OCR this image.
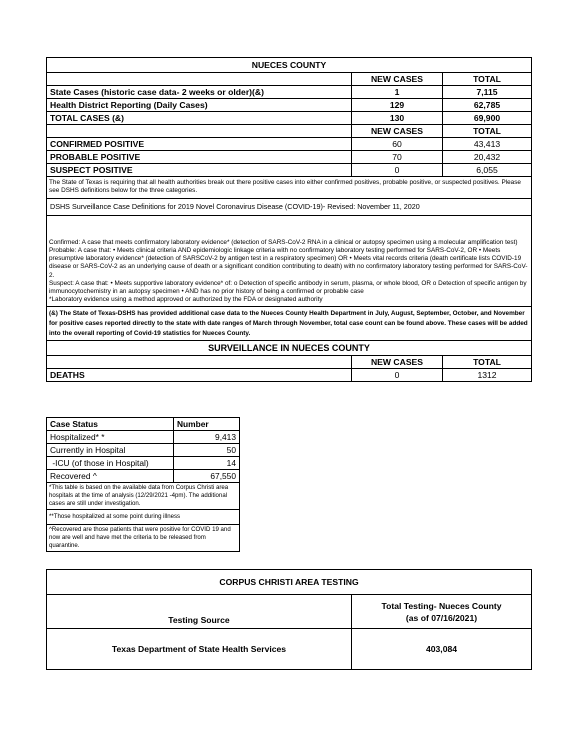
NUECES COUNTY		
	NEW CASES	TOTAL
State Cases (historic case data- 2 weeks or older)(&)	1	7,115
Health District Reporting (Daily Cases)	129	62,785
TOTAL CASES (&)	130	69,900
	NEW CASES	TOTAL
CONFIRMED POSITIVE	60	43,413
PROBABLE POSITIVE	70	20,432
SUSPECT POSITIVE	0	6,055
The State of Texas is requiring that all health authorities break out there positive cases into either confirmed positives, probable positive, or suspected positives. Please see DSHS definitions below for the three categories.		
DSHS Surveillance Case Definitions for 2019 Novel Coronavirus Disease (COVID-19)- Revised: November 11, 2020		

Confirmed: A case that meets confirmatory laboratory evidence* (detection of SARS-CoV-2 RNA in a clinical or autopsy specimen using a molecular amplification test)

Probable: A case that: • Meets clinical criteria AND epidemiologic linkage criteria with no confirmatory laboratory testing performed for SARS-CoV-2, OR • Meets presumptive laboratory evidence* (detection of SARSCoV-2 by antigen test in a respiratory specimen) OR • Meets vital records criteria (death certificate lists COVID-19 disease or SARS-CoV-2 as an underlying cause of death or a significant condition contributing to death) with no confirmatory laboratory testing performed for SARS-CoV-2.

Suspect: A case that: • Meets supportive laboratory evidence* of: o Detection of specific antibody in serum, plasma, or whole blood, OR o Detection of specific antigen by immunocytochemistry in an autopsy specimen • AND has no prior history of being a confirmed or probable case

*Laboratory evidence using a method approved or authorized by the FDA or designated authority		

(&) The State of Texas-DSHS has provided additional case data to the Nueces County Health Department in July, August, September, October, and November for positive cases reported directly to the state with date ranges of March through November, total case count can be found above. These cases will be added into the overall reporting of Covid-19 statistics for Nueces County.		
SURVEILLANCE IN NUECES COUNTY		
	NEW CASES	TOTAL
DEATHS	0	1312
Case Status	Number
Hospitalized* *	9,413
Currently in Hospital	50
-ICU (of those in Hospital)	14
Recovered ^	67,550
*This table is based on the available data from Corpus Christi area hospitals at the time of analysis (12/29/2021 -4pm). The additional cases are still under investigation.	
**Those hospitalized at some point during illness	
^Recovered are those patients that were positive for COVID 19 and now are well and have met the criteria to be released from quarantine.	
CORPUS CHRISTI AREA TESTING	
Testing Source	Total Testing- Nueces County
(as of 07/16/2021)

Texas Department of State Health Services	403,084
